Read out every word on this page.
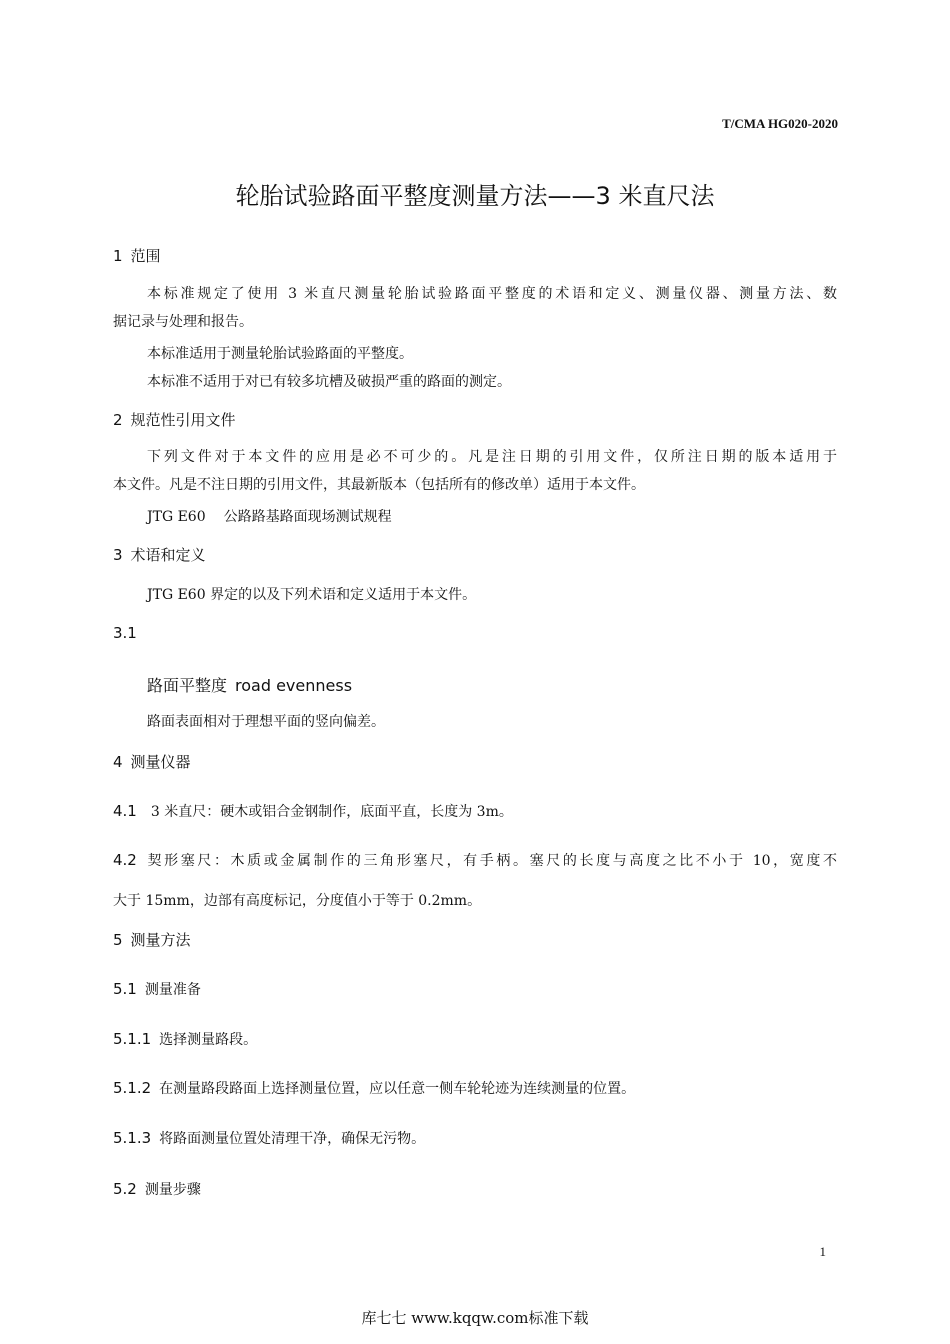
T/CMA HG020-2020
轮胎试验路面平整度测量方法——3 米直尺法
1 范围
本标准规定了使用 3 米直尺测量轮胎试验路面平整度的术语和定义、测量仪器、测量方法、数
据记录与处理和报告。
本标准适用于测量轮胎试验路面的平整度。
本标准不适用于对已有较多坑槽及破损严重的路面的测定。
2 规范性引用文件
下列文件对于本文件的应用是必不可少的。凡是注日期的引用文件，仅所注日期的版本适用于
本文件。凡是不注日期的引用文件，其最新版本（包括所有的修改单）适用于本文件。
JTG E60 公路路基路面现场测试规程
3 术语和定义
JTG E60 界定的以及下列术语和定义适用于本文件。
3.1
路面平整度 road evenness
路面表面相对于理想平面的竖向偏差。
4 测量仪器
4.1 3 米直尺：硬木或铝合金钢制作，底面平直，长度为 3m。
4.2 契形塞尺：木质或金属制作的三角形塞尺，有手柄。塞尺的长度与高度之比不小于 10，宽度不
大于 15mm，边部有高度标记，分度值小于等于 0.2mm。
5 测量方法
5.1 测量准备
5.1.1 选择测量路段。
5.1.2 在测量路段路面上选择测量位置，应以任意一侧车轮轮迹为连续测量的位置。
5.1.3 将路面测量位置处清理干净，确保无污物。
5.2 测量步骤
1
库七七 www.kqqw.com标准下载
